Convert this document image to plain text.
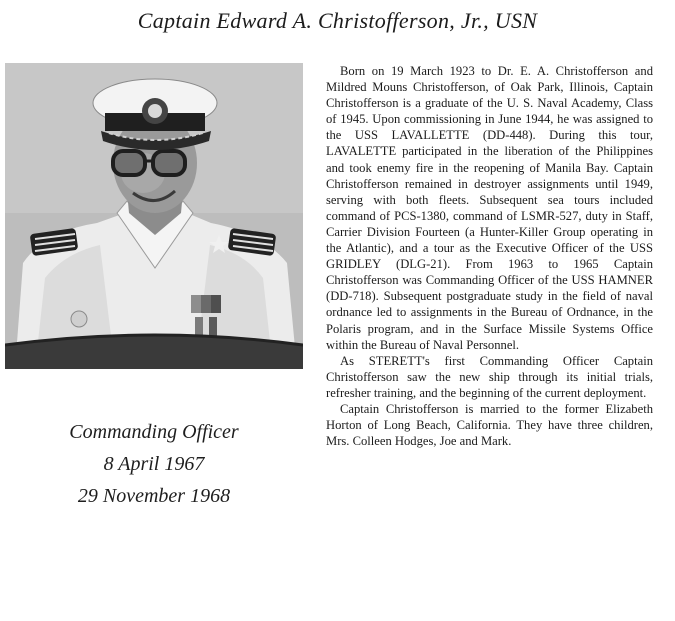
Captain Edward A. Christofferson, Jr., USN
Commanding Officer
8 April 1967
29 November 1968

Born on 19 March 1923 to Dr. E. A. Christofferson and Mildred Mouns Christofferson, of Oak Park, Illinois, Captain Christofferson is a graduate of the U. S. Naval Academy, Class of 1945. Upon commissioning in June 1944, he was assigned to the USS LAVALLETTE (DD-448). During this tour, LAVALETTE participated in the liberation of the Philippines and took enemy fire in the reopening of Manila Bay. Captain Christofferson remained in destroyer assignments until 1949, serving with both fleets. Subsequent sea tours included command of PCS-1380, command of LSMR-527, duty in Staff, Carrier Division Fourteen (a Hunter-Killer Group operating in the Atlantic), and a tour as the Executive Officer of the USS GRIDLEY (DLG-21). From 1963 to 1965 Captain Christofferson was Commanding Officer of the USS HAMNER (DD-718). Subsequent postgraduate study in the field of naval ordnance led to assignments in the Bureau of Ordnance, in the Polaris program, and in the Surface Missile Systems Office within the Bureau of Naval Personnel.

As STERETT's first Commanding Officer Captain Christofferson saw the new ship through its initial trials, refresher training, and the beginning of the current deployment.

Captain Christofferson is married to the former Elizabeth Horton of Long Beach, California. They have three children, Mrs. Colleen Hodges, Joe and Mark.
